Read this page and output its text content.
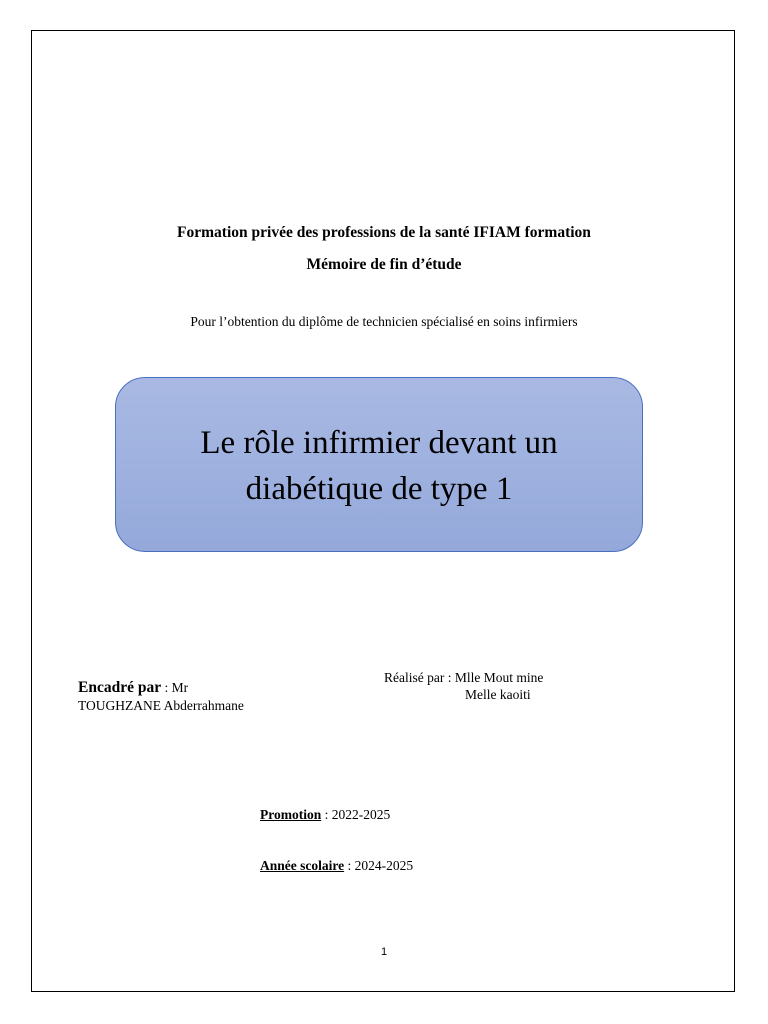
Formation privée des professions de la santé IFIAM formation
Mémoire de fin d’étude
Pour l’obtention du diplôme de technicien spécialisé en soins infirmiers
Le rôle infirmier devant un
diabétique de type 1
Encadré par : Mr
TOUGHZANE Abderrahmane
Réalisé par : Mlle Mout mine
Melle kaoiti
Promotion : 2022-2025
Année scolaire : 2024-2025
1
